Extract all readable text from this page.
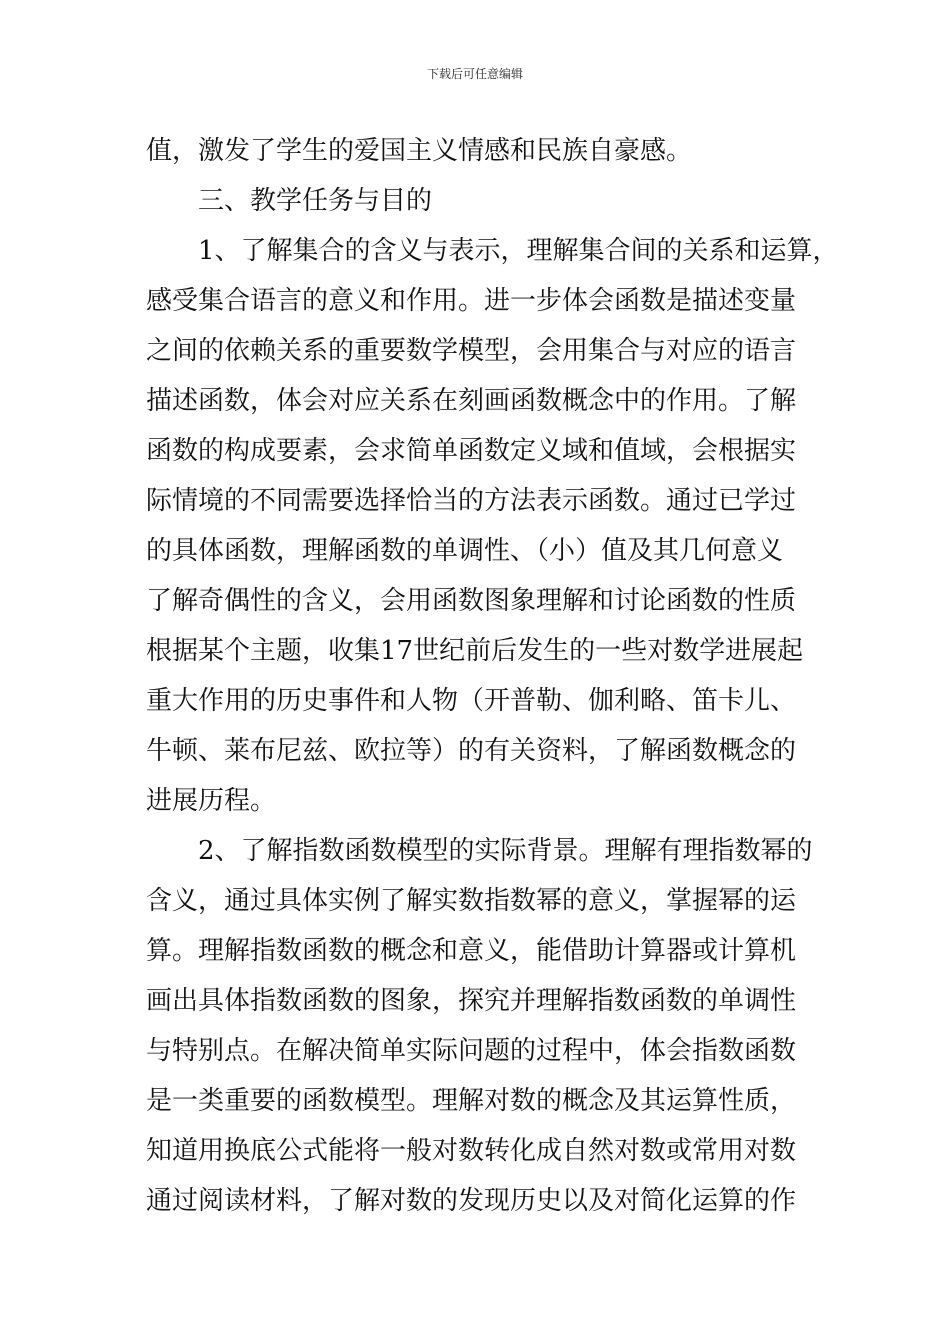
下载后可任意编辑
值，激发了学生的爱国主义情感和民族自豪感。
三、教学任务与目的
1、了解集合的含义与表示，理解集合间的关系和运算，
感受集合语言的意义和作用。进一步体会函数是描述变量
之间的依赖关系的重要数学模型，会用集合与对应的语言
描述函数，体会对应关系在刻画函数概念中的作用。了解
函数的构成要素，会求简单函数定义域和值域，会根据实
际情境的不同需要选择恰当的方法表示函数。通过已学过
的具体函数，理解函数的单调性、（小）值及其几何意义
了解奇偶性的含义，会用函数图象理解和讨论函数的性质
根据某个主题，收集17世纪前后发生的一些对数学进展起
重大作用的历史事件和人物（开普勒、伽利略、笛卡儿、
牛顿、莱布尼兹、欧拉等）的有关资料，了解函数概念的
进展历程。
2、了解指数函数模型的实际背景。理解有理指数幂的
含义，通过具体实例了解实数指数幂的意义，掌握幂的运
算。理解指数函数的概念和意义，能借助计算器或计算机
画出具体指数函数的图象，探究并理解指数函数的单调性
与特别点。在解决简单实际问题的过程中，体会指数函数
是一类重要的函数模型。理解对数的概念及其运算性质，
知道用换底公式能将一般对数转化成自然对数或常用对数
通过阅读材料，了解对数的发现历史以及对简化运算的作
